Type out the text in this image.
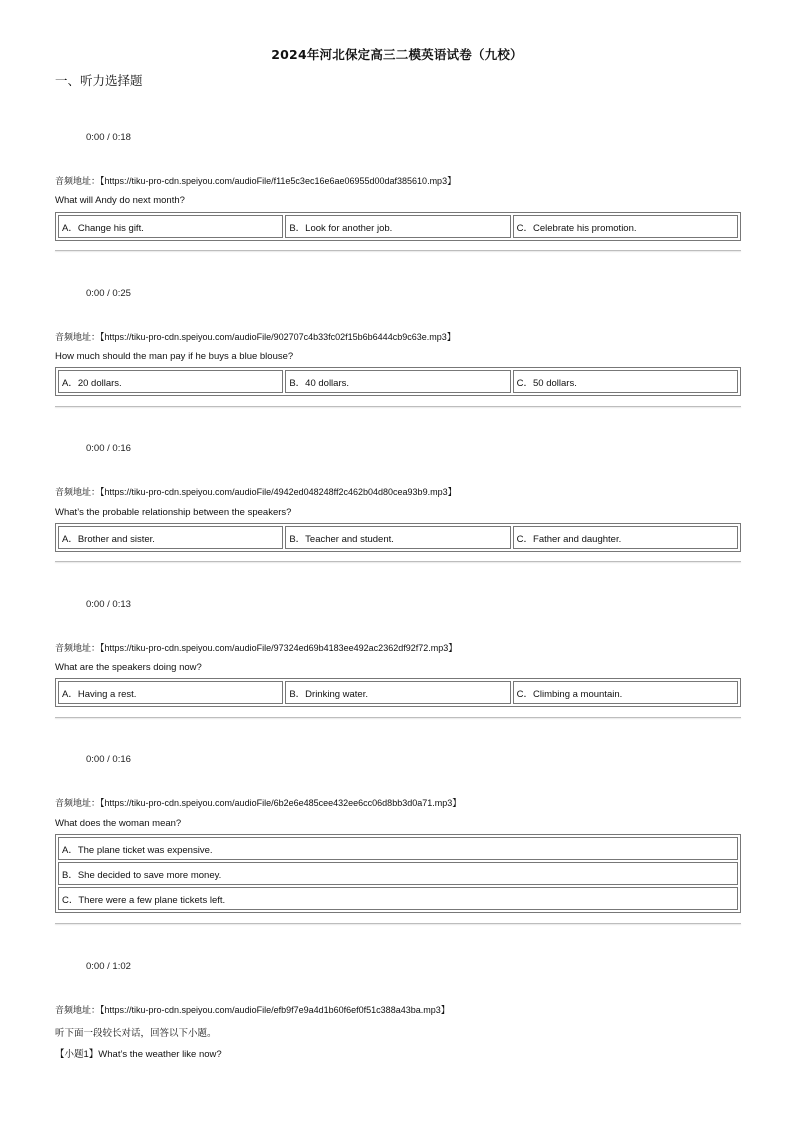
2024年河北保定高三二模英语试卷（九校）
一、听力选择题
0:00 / 0:18
音频地址：【https://tiku-pro-cdn.speiyou.com/audioFile/f11e5c3ec16e6ae06955d00daf385610.mp3】
What will Andy do next month?
A．Change his gift.	B．Look for another job.	C．Celebrate his promotion.
0:00 / 0:25
音频地址：【https://tiku-pro-cdn.speiyou.com/audioFile/902707c4b33fc02f15b6b6444cb9c63e.mp3】
How much should the man pay if he buys a blue blouse?
A．20 dollars.	B．40 dollars.	C．50 dollars.
0:00 / 0:16
音频地址：【https://tiku-pro-cdn.speiyou.com/audioFile/4942ed048248ff2c462b04d80cea93b9.mp3】
What’s the probable relationship between the speakers?
A．Brother and sister.	B．Teacher and student.	C．Father and daughter.
0:00 / 0:13
音频地址：【https://tiku-pro-cdn.speiyou.com/audioFile/97324ed69b4183ee492ac2362df92f72.mp3】
What are the speakers doing now?
A．Having a rest.	B．Drinking water.	C．Climbing a mountain.
0:00 / 0:16
音频地址：【https://tiku-pro-cdn.speiyou.com/audioFile/6b2e6e485cee432ee6cc06d8bb3d0a71.mp3】
What does the woman mean?
A．The plane ticket was expensive.
B．She decided to save more money.
C．There were a few plane tickets left.
0:00 / 1:02
音频地址：【https://tiku-pro-cdn.speiyou.com/audioFile/efb9f7e9a4d1b60f6ef0f51c388a43ba.mp3】
听下面一段较长对话，回答以下小题。
【小题1】What’s the weather like now?
